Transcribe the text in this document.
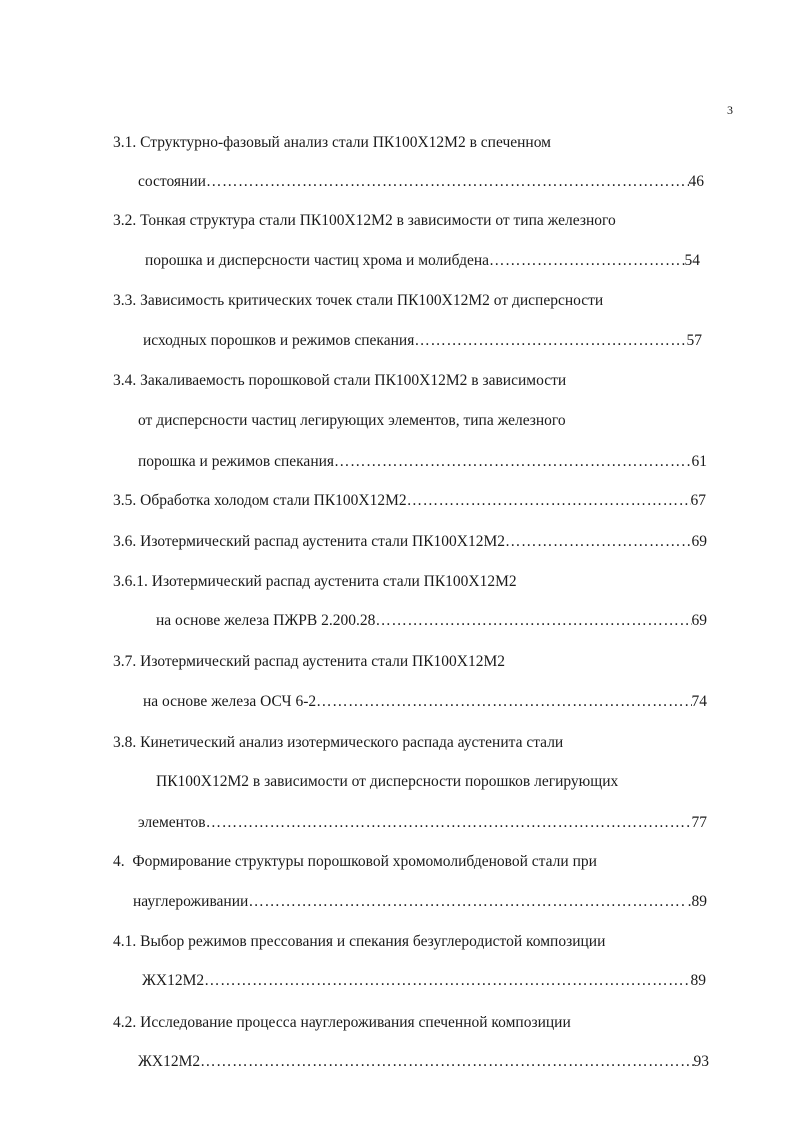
3
3.1. Структурно-фазовый анализ стали ПК100Х12М2 в спеченном
состоянии ……………………………………………………………………………………………………………………………………………………………………………………………………………………………………………………	46
3.2. Тонкая структура стали ПК100Х12М2 в зависимости от типа железного
порошка и дисперсности частиц хрома и молибдена ……………………………………………………………………………………………………………………………………………………………………………………………………………………………………………………	54
3.3. Зависимость критических точек стали ПК100Х12М2 от дисперсности
исходных порошков и режимов спекания ……………………………………………………………………………………………………………………………………………………………………………………………………………………………………………………	57
3.4. Закаливаемость порошковой стали ПК100Х12М2 в зависимости
от дисперсности частиц легирующих элементов, типа железного
порошка и режимов спекания ……………………………………………………………………………………………………………………………………………………………………………………………………………………………………………………	61
3.5. Обработка холодом стали ПК100Х12М2 ……………………………………………………………………………………………………………………………………………………………………………………………………………………………………………………	67
3.6. Изотермический распад аустенита стали ПК100Х12М2 ……………………………………………………………………………………………………………………………………………………………………………………………………………………………………………………	69
3.6.1. Изотермический распад аустенита стали ПК100Х12М2
на основе железа ПЖРВ 2.200.28 ……………………………………………………………………………………………………………………………………………………………………………………………………………………………………………………	69
3.7. Изотермический распад аустенита стали ПК100Х12М2
на основе железа ОСЧ 6-2 ……………………………………………………………………………………………………………………………………………………………………………………………………………………………………………………	74
3.8. Кинетический анализ изотермического распада аустенита стали
ПК100Х12М2 в зависимости от дисперсности порошков легирующих
элементов ……………………………………………………………………………………………………………………………………………………………………………………………………………………………………………………	77
4.  Формирование структуры порошковой хромомолибденовой стали при
науглероживании ……………………………………………………………………………………………………………………………………………………………………………………………………………………………………………………	.89
4.1. Выбор режимов прессования и спекания безуглеродистой композиции
ЖХ12М2 ……………………………………………………………………………………………………………………………………………………………………………………………………………………………………………………	89
4.2. Исследование процесса науглероживания спеченной композиции
ЖХ12М2 ……………………………………………………………………………………………………………………………………………………………………………………………………………………………………………………	93
